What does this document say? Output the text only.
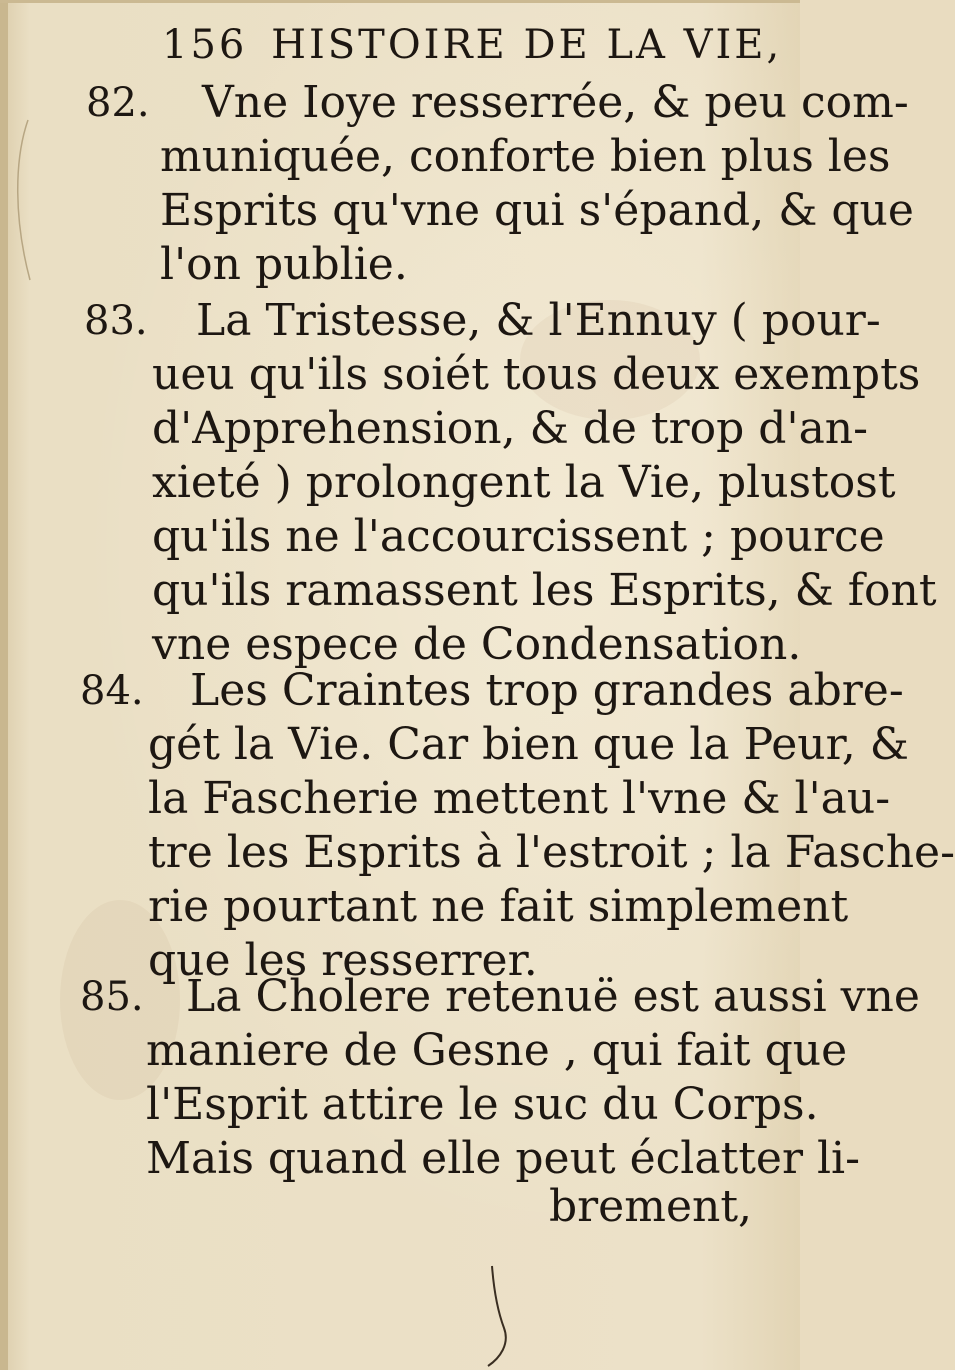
156 HISTOIRE DE LA VIE,
82. Vne Ioye resserrée, & peu com-
muniquée, conforte bien plus les
Esprits qu'vne qui s'épand, & que
l'on publie.
83. La Tristesse, & l'Ennuy ( pour-
ueu qu'ils soiét tous deux exempts
d'Apprehension, & de trop d'an-
xieté ) prolongent la Vie, plustost
qu'ils ne l'accourcissent ; pource
qu'ils ramassent les Esprits, & font
vne espece de Condensation.
84. Les Craintes trop grandes abre-
gét la Vie. Car bien que la Peur, &
la Fascherie mettent l'vne & l'au-
tre les Esprits à l'estroit ; la Fasche-
rie pourtant ne fait simplement
que les resserrer.
85. La Cholere retenuë est aussi vne
maniere de Gesne , qui fait que
l'Esprit attire le suc du Corps.
Mais quand elle peut éclatter li-
brement,
